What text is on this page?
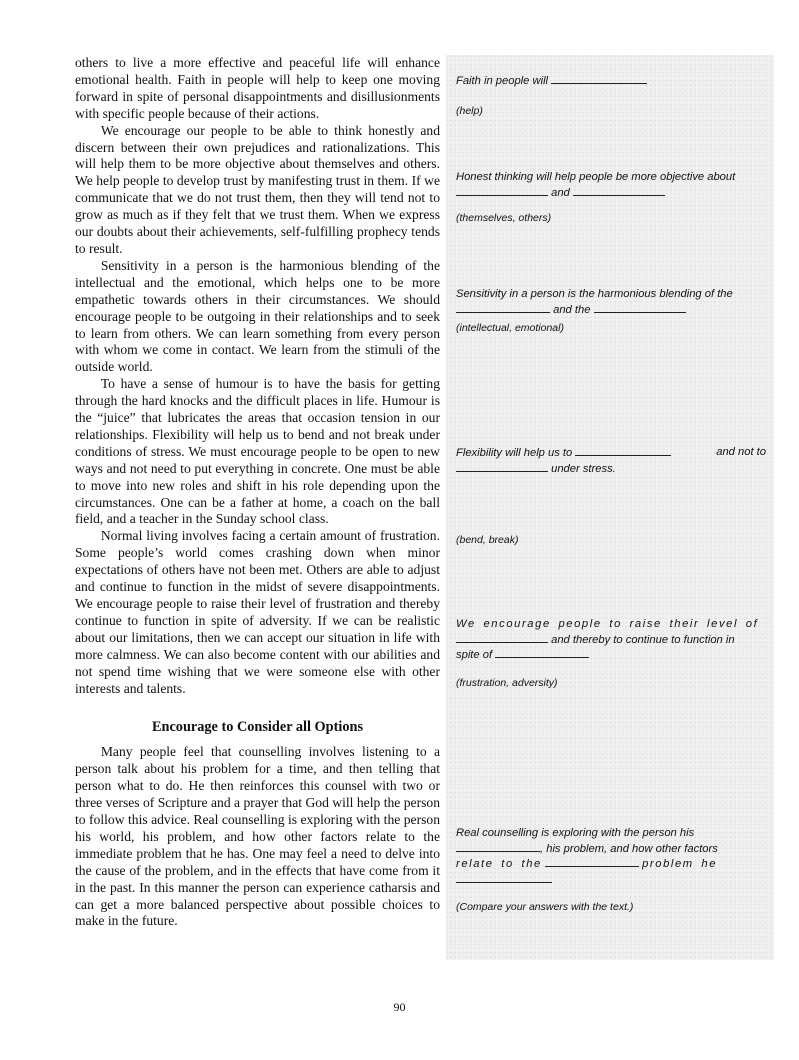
others to live a more effective and peaceful life will enhance emotional health. Faith in people will help to keep one moving forward in spite of personal disappointments and disillusionments with specific people because of their actions.

We encourage our people to be able to think honestly and discern between their own prejudices and rationalizations. This will help them to be more objective about themselves and others. We help people to develop trust by manifesting trust in them. If we communicate that we do not trust them, then they will tend not to grow as much as if they felt that we trust them. When we express our doubts about their achievements, self-fulfilling prophecy tends to result.

Sensitivity in a person is the harmonious blending of the intellectual and the emotional, which helps one to be more empathetic towards others in their circumstances. We should encourage people to be outgoing in their relationships and to seek to learn from others. We can learn something from every person with whom we come in contact. We learn from the stimuli of the outside world.

To have a sense of humour is to have the basis for getting through the hard knocks and the difficult places in life. Humour is the “juice” that lubricates the areas that occasion tension in our relationships. Flexibility will help us to bend and not break under conditions of stress. We must encourage people to be open to new ways and not need to put everything in concrete. One must be able to move into new roles and shift in his role depending upon the circumstances. One can be a father at home, a coach on the ball field, and a teacher in the Sunday school class.

Normal living involves facing a certain amount of frustration. Some people’s world comes crashing down when minor expectations of others have not been met. Others are able to adjust and continue to function in the midst of severe disappointments. We encourage people to raise their level of frustration and thereby continue to function in spite of adversity. If we can be realistic about our limitations, then we can accept our situation in life with more calmness. We can also become content with our abilities and not spend time wishing that we were someone else with other interests and talents.

Encourage to Consider all Options

Many people feel that counselling involves listening to a person talk about his problem for a time, and then telling that person what to do. He then reinforces this counsel with two or three verses of Scripture and a prayer that God will help the person to follow this advice. Real counselling is exploring with the person his world, his problem, and how other factors relate to the immediate problem that he has. One may feel a need to delve into the cause of the problem, and in the effects that have come from it in the past. In this manner the person can experience catharsis and can get a more balanced perspective about possible choices to make in the future.

Faith in people will
(help)
Honest thinking will help people be more objective about
and
(themselves, others)
Sensitivity in a person is the harmonious blending of the
and the
(intellectual, emotional)
Flexibility will help us to	and not to

under stress.
(bend, break)
We encourage people to raise their level of
and thereby to continue to function in
spite of
(frustration, adversity)
Real counselling is exploring with the person his
, his problem, and how other factors
relate to the	problem he

(Compare your answers with the text.)
90
